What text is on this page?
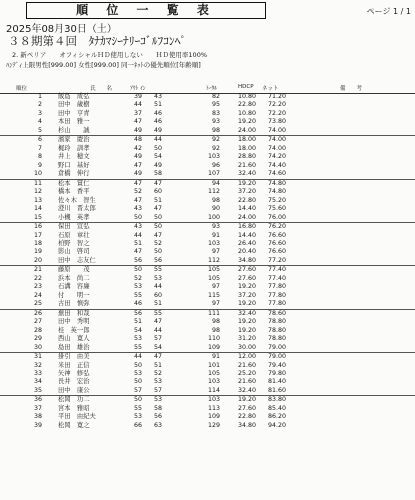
順 位 一 覧 表	ページ 1 / 1
2025年08月30日（土）
３８期第４回　ﾀﾅｶﾏｼｰﾅﾘｰｺﾞﾙﾌｺﾝﾍﾟ
2. 新ペリア　　オフィシャルＨＤ使用しない　　ＨＤ使用率100%
ﾊﾝﾃﾞｨ上限男性[999.00] 女性[999.00] 同一ﾈｯﾄの優先順位[年齢順]
順位	氏　　名	ｱｳﾄ ｲﾝ	ﾄｰﾀﾙ	HDCP ネット	備　　考
1	飯島　成弘	39	43	82	10.80	71.20
2	田中　歳樹	44	51	95	22.80	72.20
3	田中　亨青	37	46	83	10.80	72.20
4	本田　雅一	47	46	93	19.20	73.80
5	杉山　　誠	49	49	98	24.00	74.00
6	濱家　慶治	48	44	92	18.00	74.00
7	梶玲　訓孝	42	50	92	18.00	74.00
8	井上　穂文	49	54	103	28.80	74.20
9	野口　基好	47	49	96	21.60	74.40
10	倉橋　伸行	49	58	107	32.40	74.60
11	松本　賞仁	47	47	94	19.20	74.80
12	橋本　香平	52	60	112	37.20	74.80
13	佐々木　智生	47	51	98	22.80	75.20
14	澄川　晋太郎	43	47	90	14.40	75.60
15	小槻　英孝	50	50	100	24.00	76.00
16	保田　宣弘	43	50	93	16.80	76.20
17	石原　章壮	44	47	91	14.40	76.60
18	柏野　智之	51	52	103	26.40	76.60
19	影山　啓司	47	50	97	20.40	76.60
20	田中　志友仁	56	56	112	34.80	77.20
21	藤原　　茂	50	55	105	27.60	77.40
22	浜本　尚二	52	53	105	27.60	77.40
23	石溝　容廉	53	44	97	19.20	77.80
24	付　　明一	55	60	115	37.20	77.80
25	古田　慎弥	46	51	97	19.20	77.80
26	蕪田　和哉	56	55	111	32.40	78.60
27	田中　秀明	51	47	98	19.20	78.80
28	桂　英一郎	54	44	98	19.20	78.80
29	西山　寛人	53	57	110	31.20	78.80
30	島田　雄治	55	54	109	30.00	79.00
31	掛引　由美	44	47	91	12.00	79.00
32	米田　正信	50	51	101	21.60	79.40
33	矢神　修弘	53	52	105	25.20	79.80
34	長井　宏治	50	53	103	21.60	81.40
35	田中　康公	57	57	114	32.40	81.60
36	松岡　功二	50	53	103	19.20	83.80
37	宮本　雅昭	55	58	113	27.60	85.40
38	平田　由紀夫	53	56	109	22.80	86.20
39	松岡　寛之	66	63	129	34.80	94.20
